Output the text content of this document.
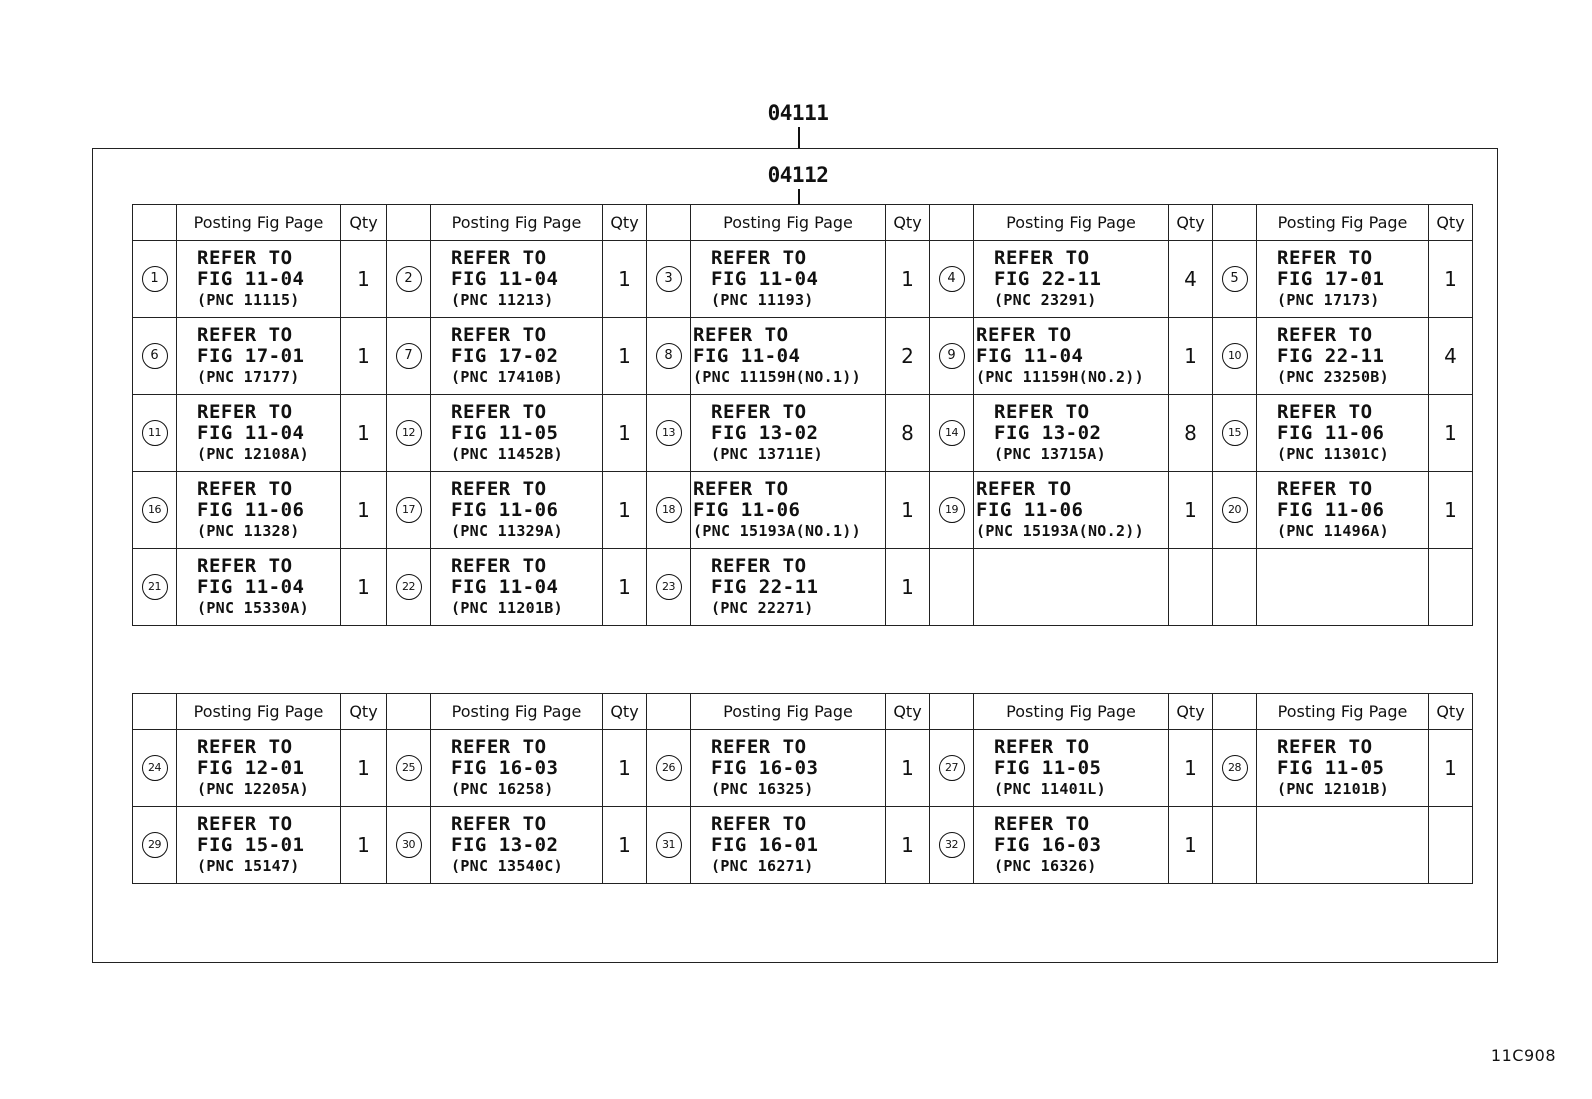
04111
04112
	Posting Fig Page	Qty		Posting Fig Page	Qty		Posting Fig Page	Qty		Posting Fig Page	Qty		Posting Fig Page	Qty
1	REFER TO
FIG 11-04
(PNC 11115)	1	2	REFER TO
FIG 11-04
(PNC 11213)	1	3	REFER TO
FIG 11-04
(PNC 11193)	1	4	REFER TO
FIG 22-11
(PNC 23291)	4	5	REFER TO
FIG 17-01
(PNC 17173)	1
6	REFER TO
FIG 17-01
(PNC 17177)	1	7	REFER TO
FIG 17-02
(PNC 17410B)	1	8	REFER TO
FIG 11-04
(PNC 11159H(NO.1))	2	9	REFER TO
FIG 11-04
(PNC 11159H(NO.2))	1	10	REFER TO
FIG 22-11
(PNC 23250B)	4
11	REFER TO
FIG 11-04
(PNC 12108A)	1	12	REFER TO
FIG 11-05
(PNC 11452B)	1	13	REFER TO
FIG 13-02
(PNC 13711E)	8	14	REFER TO
FIG 13-02
(PNC 13715A)	8	15	REFER TO
FIG 11-06
(PNC 11301C)	1
16	REFER TO
FIG 11-06
(PNC 11328)	1	17	REFER TO
FIG 11-06
(PNC 11329A)	1	18	REFER TO
FIG 11-06
(PNC 15193A(NO.1))	1	19	REFER TO
FIG 11-06
(PNC 15193A(NO.2))	1	20	REFER TO
FIG 11-06
(PNC 11496A)	1
21	REFER TO
FIG 11-04
(PNC 15330A)	1	22	REFER TO
FIG 11-04
(PNC 11201B)	1	23	REFER TO
FIG 22-11
(PNC 22271)	1						
	Posting Fig Page	Qty		Posting Fig Page	Qty		Posting Fig Page	Qty		Posting Fig Page	Qty		Posting Fig Page	Qty
24	REFER TO
FIG 12-01
(PNC 12205A)	1	25	REFER TO
FIG 16-03
(PNC 16258)	1	26	REFER TO
FIG 16-03
(PNC 16325)	1	27	REFER TO
FIG 11-05
(PNC 11401L)	1	28	REFER TO
FIG 11-05
(PNC 12101B)	1
29	REFER TO
FIG 15-01
(PNC 15147)	1	30	REFER TO
FIG 13-02
(PNC 13540C)	1	31	REFER TO
FIG 16-01
(PNC 16271)	1	32	REFER TO
FIG 16-03
(PNC 16326)	1			
11C908
